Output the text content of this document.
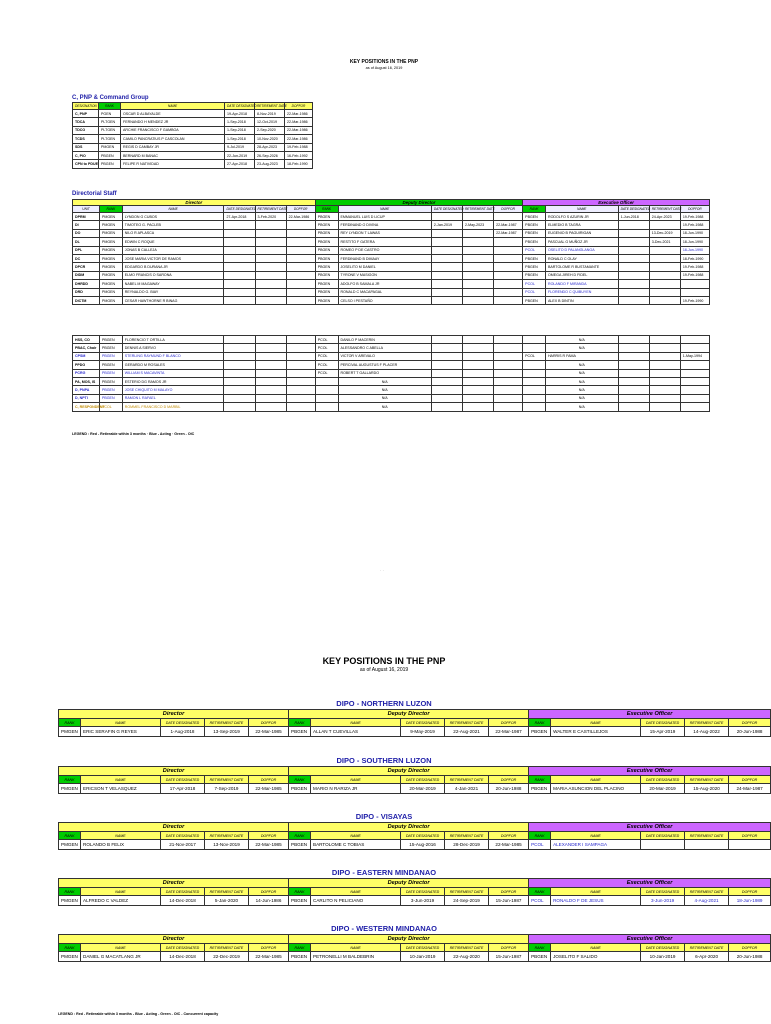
KEY POSITIONS IN THE PNP
as of August 16, 2019
C, PNP & Command Group
DESIGNATION	RANK	NAME	DATE DESIGNATED	RETIREMENT DATE	DOPFOR
C, PNP	PGEN	OSCAR D ALBAYALDE	19-Apr-2018	8-Nov-2019	22-Mar-1986
TDCA	PLTGEN	FERNANDO H MENDEZ JR	1-Sep-2018	12-Oct-2019	22-Mar-1986
TDCO	PLTGEN	ARCHIE FRANCISCO F GAMBOA	1-Sep-2018	2-Sep-2020	22-Mar-1986
TCDS	PLTGEN	CAMILO PANCRATIUS P CASCOLAN	1-Sep-2018	10-Nov-2020	22-Mar-1986
SDS	PMGEN	REGIS D CAMBAY JR	9-Jul-2019	28-Apr-2023	19-Feb-1988
C, PIO	PBGEN	BERNARD M BANAC	22-Jun-2019	26-Sep-2026	16-Feb-1992
CPN to PDUE	PBGEN	FELIPE R NATIVIDAD	27-Apr-2018	23-Aug-2023	18-Feb-1990
Directorial Staff
Director						Deputy Director					Executive Officer				
UNIT	RANK	NAME	DATE DESIGNATED	RETIREMENT DATE	DOPFOR	RANK	NAME	DATE DESIGNATED	RETIREMENT DATE	DOPFOR	RANK	NAME	DATE DESIGNATED	RETIREMENT DATE	DOPFOR
DPRM	PMGEN	LYNDON G CUBOS	27-Apr-2018	3-Feb-2020	22-Mar-1986	PBGEN	EMMANUEL LUIS D LICUP				PBGEN	RODOLFO S AZURIN JR	1-Jun-2018	24-Apr-2023	19-Feb-1988
DI	PMGEN	TIMOTEO G. PACLEB				PBGEN	FERDINAND O DIVINA	2-Jan-2019	2-May-2023	22-Mar-1987	PBGEN	ELMEDIO B TAGRA			19-Feb-1988
DO	PMGEN	NILO R APLASCA				PBGEN	REY LYNDON T LAWAS			22-Mar-1987	PBGEN	EUGENIO B PAGUIRIGAN		13-Dec-2019	18-Jun-1990
DL	PMGEN	EDWIN C ROQUE				PBGEN	RESTITO F GATERA				PBGEN	PASCUAL G MUÑOZ JR		3-Dec-2021	18-Jun-1990
DPL	PMGEN	JONAS B CALLEJA				PBGEN	ROMEO P DE CASTRO				PCOL	OSELITO D PALANGLANGA			18-Jun-1990
DC	PMGEN	JOSE MARIA VICTOR DE RAMOS				PBGEN	FERDINAND B DIMAAY				PBGEN	RONALD C OLAY			18-Feb-1990
DPCR	PMGEN	EDGARDO B DURANA JR				PBGEN	JOSELITO M DANIEL				PBGEN	BARTOLOME R BUSTAMANTE			19-Feb-1988
DIDM	PMGEN	ELMO FRANCIS O SARONA				PBGEN	TYRONE V MASIGON				PBGEN	OMEGA JIREH D FIDEL			19-Feb-1988
DHRDD	PMGEN	NABEL M MAGAWAY				PBGEN	ADOLFO B SAMALA JR				PCOL	ROLANDO F MIRANDA			
DRD	PMGEN	REYNALDO G. BIAY				PBGEN	RONALD C MACAPAGAL				PCOL	FLORENDO C QUIBUYEN			
DICTM	PMGEN	CESAR HAWTHORNE R BINAG				PBGEN	CELSO I PESTAÑO				PBGEN	ALEX B DINTIN			19-Feb-1990
HSS, CO	PBGEN	FLORENCIO T ORTILLA				PCOL	DANILO P MACERIN					N/A			
PBAC, Chair	PBGEN	DENNIS A SIERVO				PCOL	ALESSANDRO C ABELLA					N/A			
CPSM	PBGEN	STERLING RAYMUND F BLANCO				PCOL	VICTOR V AREVALO				PCOL	HARRIS R FAMA			1-May-1994
PPDO	PBGEN	GERARDO M ROSALES				PCOL	PERCIVAL AUGUSTUS F PLACER					N/A			
PCRG	PBGEN	WILLIAM S MACAVINTA				PCOL	ROBERT T GALLARDO					N/A			
PA, MOS, IS	PBGEN	ESTERIO DG RAMOS JR					N/A					N/A			
D, PNPA	PBGEN	JOSE CHIQUITO M MALAYO					N/A					N/A			
D, NPTI	PBGEN	RAMON L RAFAEL					N/A					N/A			
C, RESPONDENT	PCOL	ROMMEL FRANCISCO D MARBIL					N/A					N/A			
LEGEND : Red - Retireable within 3 months · Blue - Acting · Green - OIC
· ·
KEY POSITIONS IN THE PNP
as of August 16, 2019
DIPO - NORTHERN LUZON
Director					Deputy Director					Executive Officer				
RANK	NAME	DATE DESIGNATED	RETIREMENT DATE	DOPFOR	RANK	NAME	DATE DESIGNATED	RETIREMENT DATE	DOPFOR	RANK	NAME	DATE DESIGNATED	RETIREMENT DATE	DOPFOR
PMGEN	ERIC SERAFIN G REYES	1-Aug-2018	13-Sep-2019	22-Mar-1985	PBGEN	ALLAN T CUEVILLAS	9-May-2019	22-Aug-2021	22-Mar-1987	PBGEN	WALTER E CASTILLEJOS	15-Apr-2019	14-Aug-2022	20-Jun-1988
DIPO - SOUTHERN LUZON
Director					Deputy Director					Executive Officer				
RANK	NAME	DATE DESIGNATED	RETIREMENT DATE	DOPFOR	RANK	NAME	DATE DESIGNATED	RETIREMENT DATE	DOPFOR	RANK	NAME	DATE DESIGNATED	RETIREMENT DATE	DOPFOR
PMGEN	ERICSON T VELASQUEZ	17-Apr-2018	7-Sep-2019	22-Mar-1985	PBGEN	MARIO N RARIZA JR	20-Mar-2019	4-Jan-2021	20-Jun-1988	PBGEN	MARIA ASUNCION DEL PLACINO	20-Mar-2019	15-Aug-2020	24-Mar-1987
DIPO - VISAYAS
Director					Deputy Director					Executive Officer				
RANK	NAME	DATE DESIGNATED	RETIREMENT DATE	DOPFOR	RANK	NAME	DATE DESIGNATED	RETIREMENT DATE	DOPFOR	RANK	NAME	DATE DESIGNATED	RETIREMENT DATE	DOPFOR
PMGEN	ROLANDO B FELIX	21-Nov-2017	13-Nov-2019	22-Mar-1985	PBGEN	BARTOLOME C TOBIAS	15-Aug-2016	28-Dec-2019	22-Mar-1985	PCOL	ALEXANDER I SAMPAGA			
DIPO - EASTERN MINDANAO
Director					Deputy Director					Executive Officer				
RANK	NAME	DATE DESIGNATED	RETIREMENT DATE	DOPFOR	RANK	NAME	DATE DESIGNATED	RETIREMENT DATE	DOPFOR	RANK	NAME	DATE DESIGNATED	RETIREMENT DATE	DOPFOR
PMGEN	ALFREDO C VALDEZ	14-Dec-2018	5-Jan-2020	14-Jun-1986	PBGEN	CARLITO N PELICIANO	3-Jun-2019	24-Sep-2019	15-Jun-1987	PCOL	RONALDO F DE JESUS	3-Jun-2019	4-Aug-2021	18-Jun-1989
DIPO - WESTERN MINDANAO
Director					Deputy Director					Executive Officer				
RANK	NAME	DATE DESIGNATED	RETIREMENT DATE	DOPFOR	RANK	NAME	DATE DESIGNATED	RETIREMENT DATE	DOPFOR	RANK	NAME	DATE DESIGNATED	RETIREMENT DATE	DOPFOR
PMGEN	DANIEL G MACATLANG JR	14-Dec-2018	22-Dec-2019	22-Mar-1985	PBGEN	PETRONELLI M BALDEBRIN	10-Jan-2019	22-Aug-2020	15-Jun-1987	PBGEN	JOSELITO F SALIDO	10-Jan-2019	6-Apr-2020	20-Jun-1988
LEGEND : Red - Retireable within 3 months - Blue - Acting - Green - OIC - Concurrent capacity
